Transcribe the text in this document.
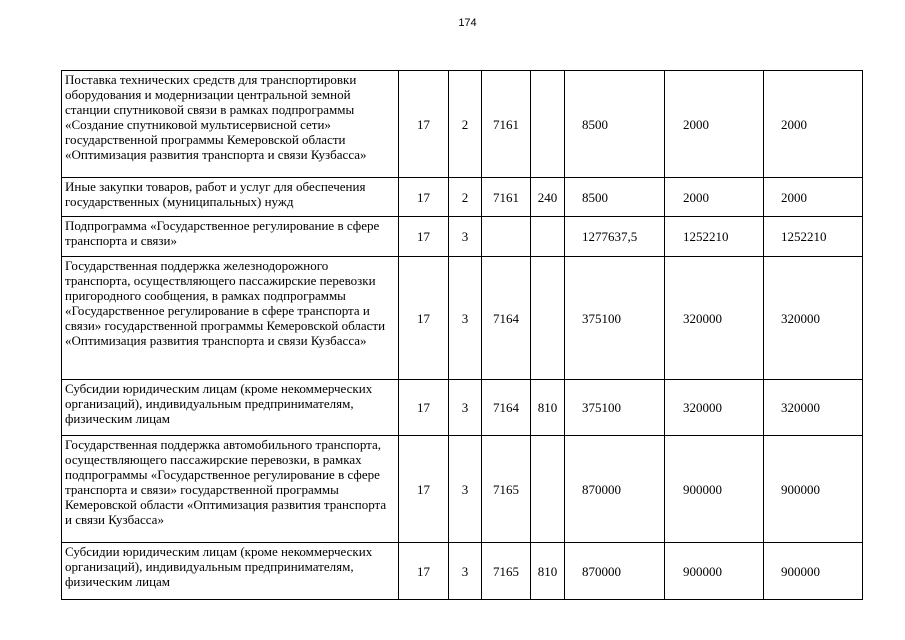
174
Поставка технических средств для транспортировки оборудования и модернизации центральной земной станции спутниковой связи в рамках подпрограммы «Создание спутниковой мультисервисной сети» государственной программы Кемеровской области «Оптимизация развития транспорта и связи Кузбасса»	17	2	7161		8500	2000	2000
Иные закупки товаров, работ и услуг для обеспечения государственных (муниципальных) нужд	17	2	7161	240	8500	2000	2000
Подпрограмма «Государственное регулирование в сфере транспорта и связи»	17	3			1277637,5	1252210	1252210
Государственная поддержка железнодорожного транспорта, осуществляющего пассажирские перевозки пригородного сообщения, в рамках подпрограммы «Государственное регулирование в сфере транспорта и связи» государственной программы Кемеровской области «Оптимизация развития транспорта и связи Кузбасса»	17	3	7164		375100	320000	320000
Субсидии юридическим лицам (кроме некоммерческих организаций), индивидуальным предпринимателям, физическим лицам	17	3	7164	810	375100	320000	320000
Государственная поддержка автомобильного транспорта, осуществляющего пассажирские перевозки, в рамках подпрограммы «Государственное регулирование в сфере транспорта и связи» государственной программы Кемеровской области «Оптимизация развития транспорта и связи Кузбасса»	17	3	7165		870000	900000	900000
Субсидии юридическим лицам (кроме некоммерческих организаций), индивидуальным предпринимателям, физическим лицам	17	3	7165	810	870000	900000	900000
